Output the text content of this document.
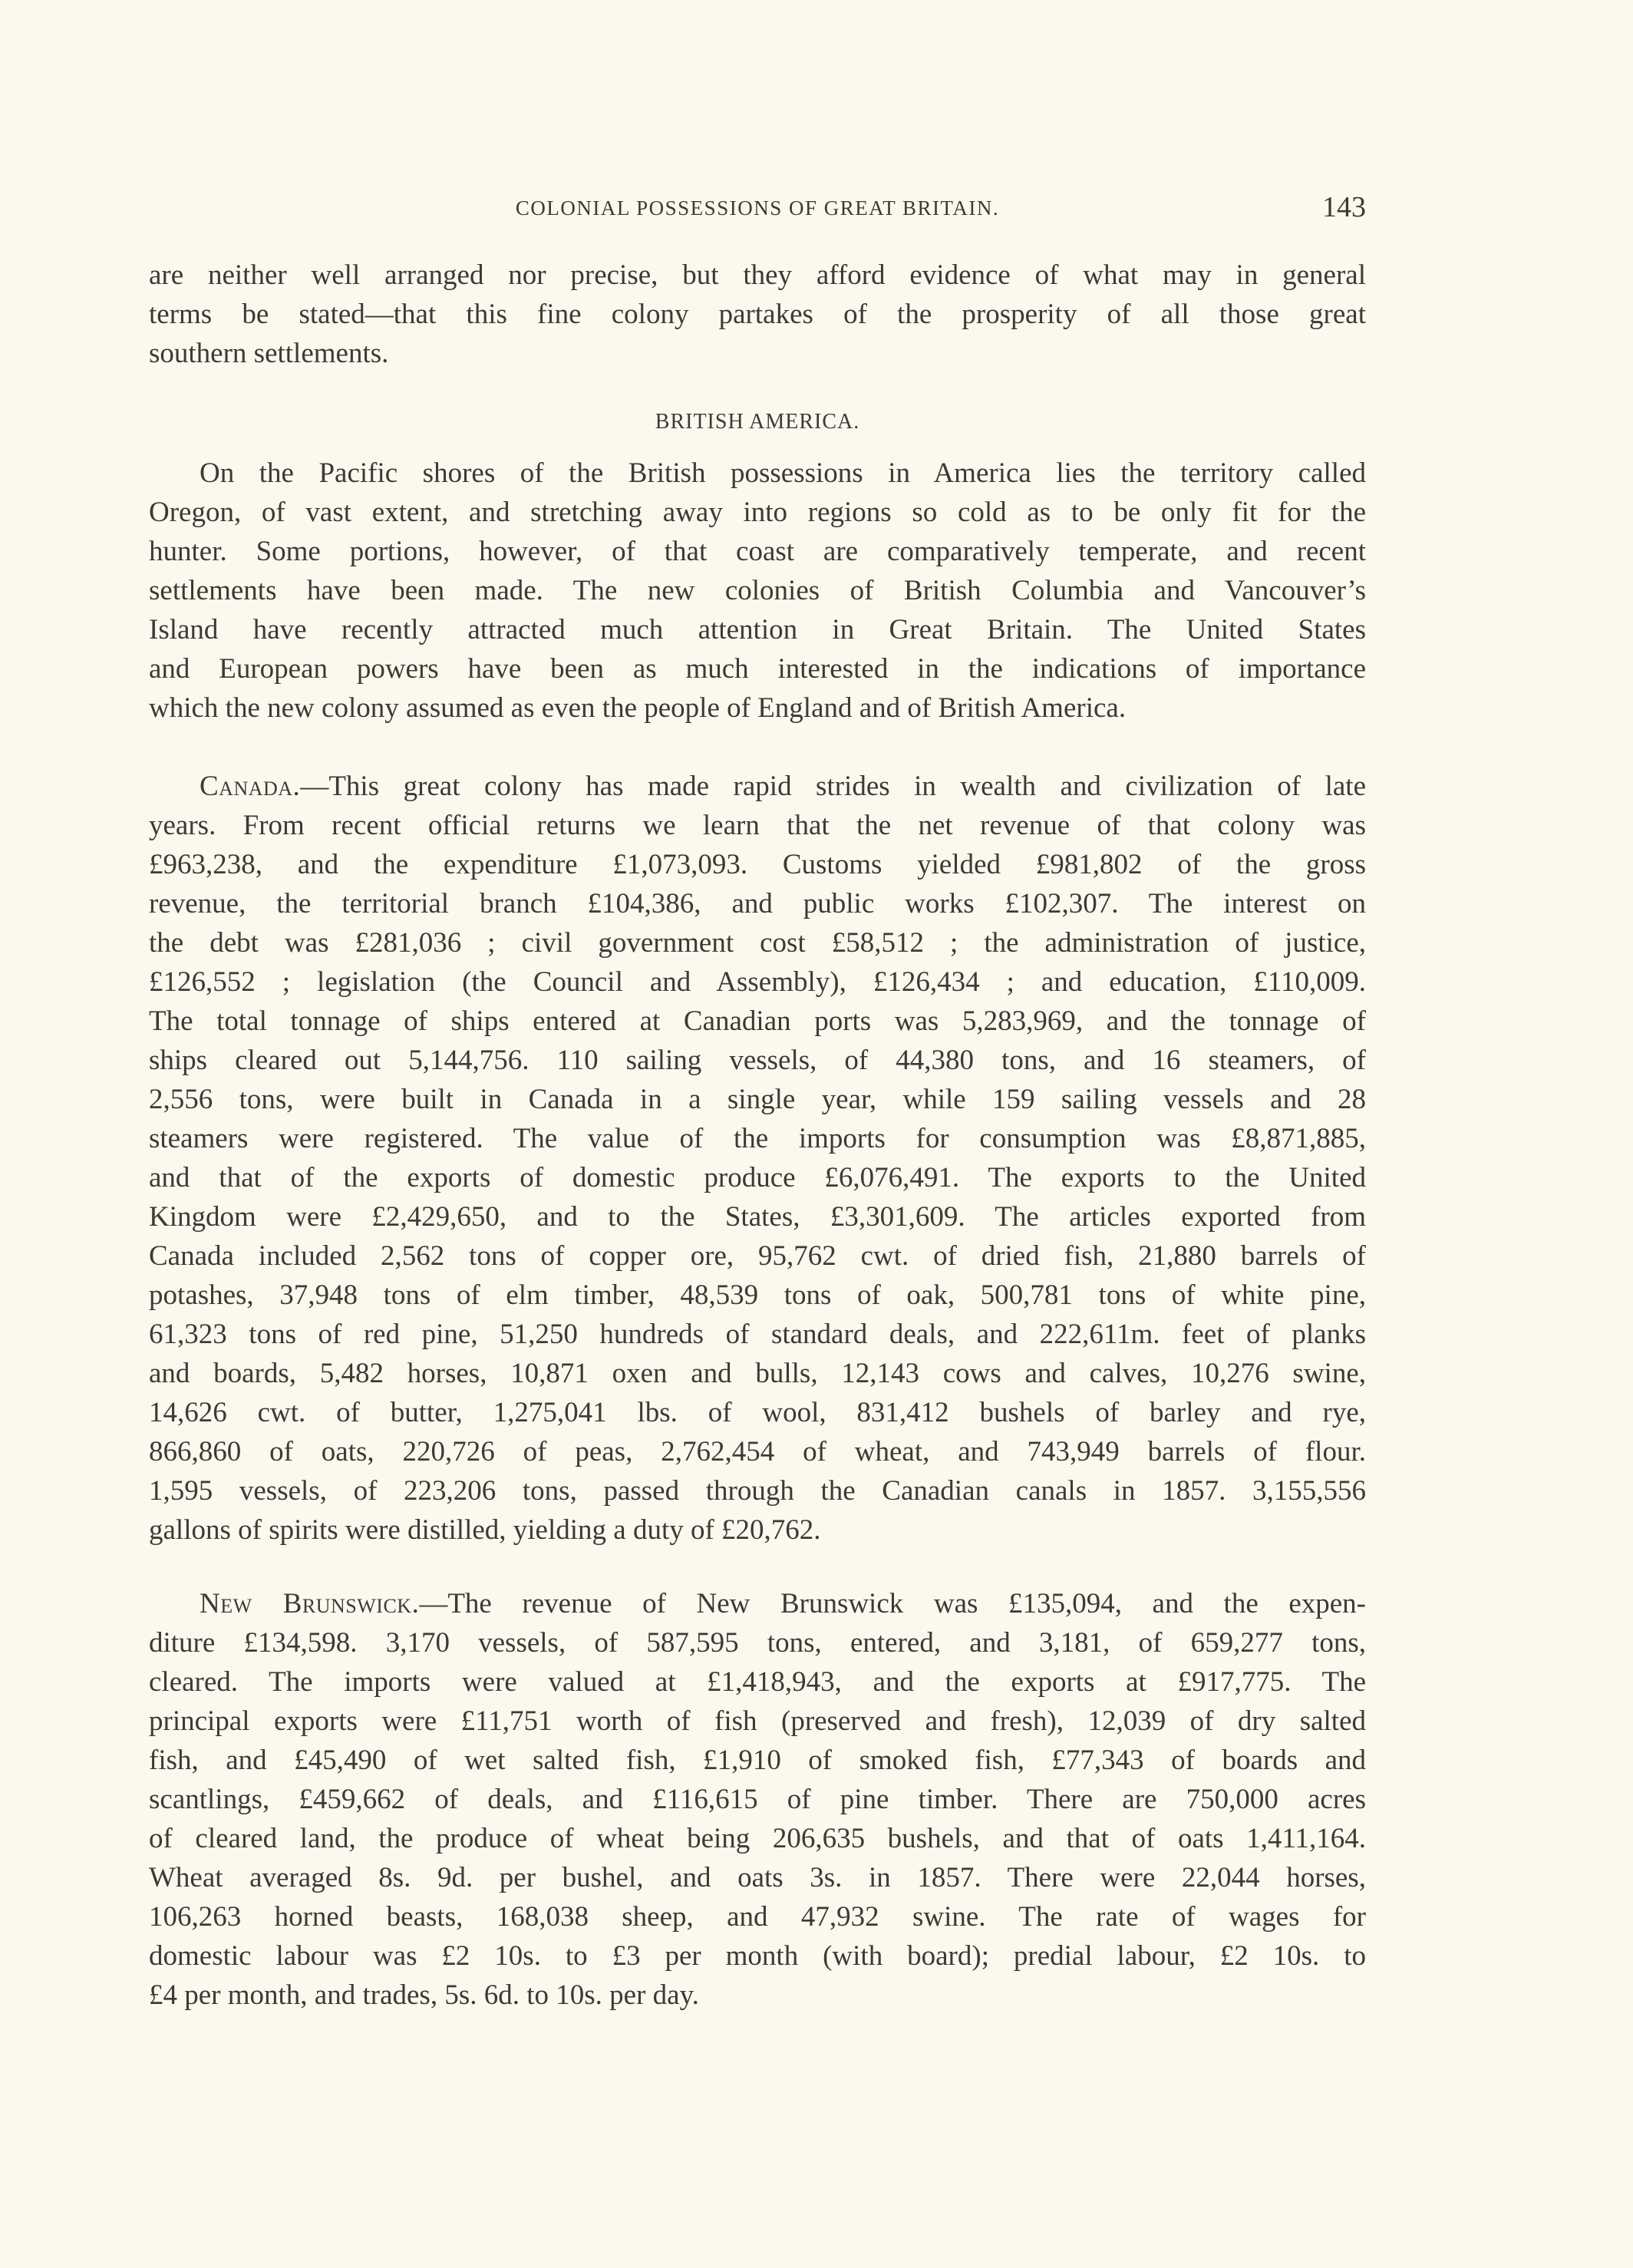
COLONIAL POSSESSIONS OF GREAT BRITAIN.	143
are neither well arranged nor precise, but they afford evidence of what may in general
terms be stated—that this fine colony partakes of the prosperity of all those great
southern settlements.
BRITISH AMERICA.
On the Pacific shores of the British possessions in America lies the territory called
Oregon, of vast extent, and stretching away into regions so cold as to be only fit for the
hunter. Some portions, however, of that coast are comparatively temperate, and recent
settlements have been made. The new colonies of British Columbia and Vancouver’s
Island have recently attracted much attention in Great Britain. The United States
and European powers have been as much interested in the indications of importance
which the new colony assumed as even the people of England and of British America.
Canada.—This great colony has made rapid strides in wealth and civilization of late
years. From recent official returns we learn that the net revenue of that colony was
£963,238, and the expenditure £1,073,093. Customs yielded £981,802 of the gross
revenue, the territorial branch £104,386, and public works £102,307. The interest on
the debt was £281,036 ; civil government cost £58,512 ; the administration of justice,
£126,552 ; legislation (the Council and Assembly), £126,434 ; and education, £110,009.
The total tonnage of ships entered at Canadian ports was 5,283,969, and the tonnage of
ships cleared out 5,144,756. 110 sailing vessels, of 44,380 tons, and 16 steamers, of
2,556 tons, were built in Canada in a single year, while 159 sailing vessels and 28
steamers were registered. The value of the imports for consumption was £8,871,885,
and that of the exports of domestic produce £6,076,491. The exports to the United
Kingdom were £2,429,650, and to the States, £3,301,609. The articles exported from
Canada included 2,562 tons of copper ore, 95,762 cwt. of dried fish, 21,880 barrels of
potashes, 37,948 tons of elm timber, 48,539 tons of oak, 500,781 tons of white pine,
61,323 tons of red pine, 51,250 hundreds of standard deals, and 222,611m. feet of planks
and boards, 5,482 horses, 10,871 oxen and bulls, 12,143 cows and calves, 10,276 swine,
14,626 cwt. of butter, 1,275,041 lbs. of wool, 831,412 bushels of barley and rye,
866,860 of oats, 220,726 of peas, 2,762,454 of wheat, and 743,949 barrels of flour.
1,595 vessels, of 223,206 tons, passed through the Canadian canals in 1857. 3,155,556
gallons of spirits were distilled, yielding a duty of £20,762.
New Brunswick.—The revenue of New Brunswick was £135,094, and the expen-
diture £134,598. 3,170 vessels, of 587,595 tons, entered, and 3,181, of 659,277 tons,
cleared. The imports were valued at £1,418,943, and the exports at £917,775. The
principal exports were £11,751 worth of fish (preserved and fresh), 12,039 of dry salted
fish, and £45,490 of wet salted fish, £1,910 of smoked fish, £77,343 of boards and
scantlings, £459,662 of deals, and £116,615 of pine timber. There are 750,000 acres
of cleared land, the produce of wheat being 206,635 bushels, and that of oats 1,411,164.
Wheat averaged 8s. 9d. per bushel, and oats 3s. in 1857. There were 22,044 horses,
106,263 horned beasts, 168,038 sheep, and 47,932 swine. The rate of wages for
domestic labour was £2 10s. to £3 per month (with board); predial labour, £2 10s. to
£4 per month, and trades, 5s. 6d. to 10s. per day.
